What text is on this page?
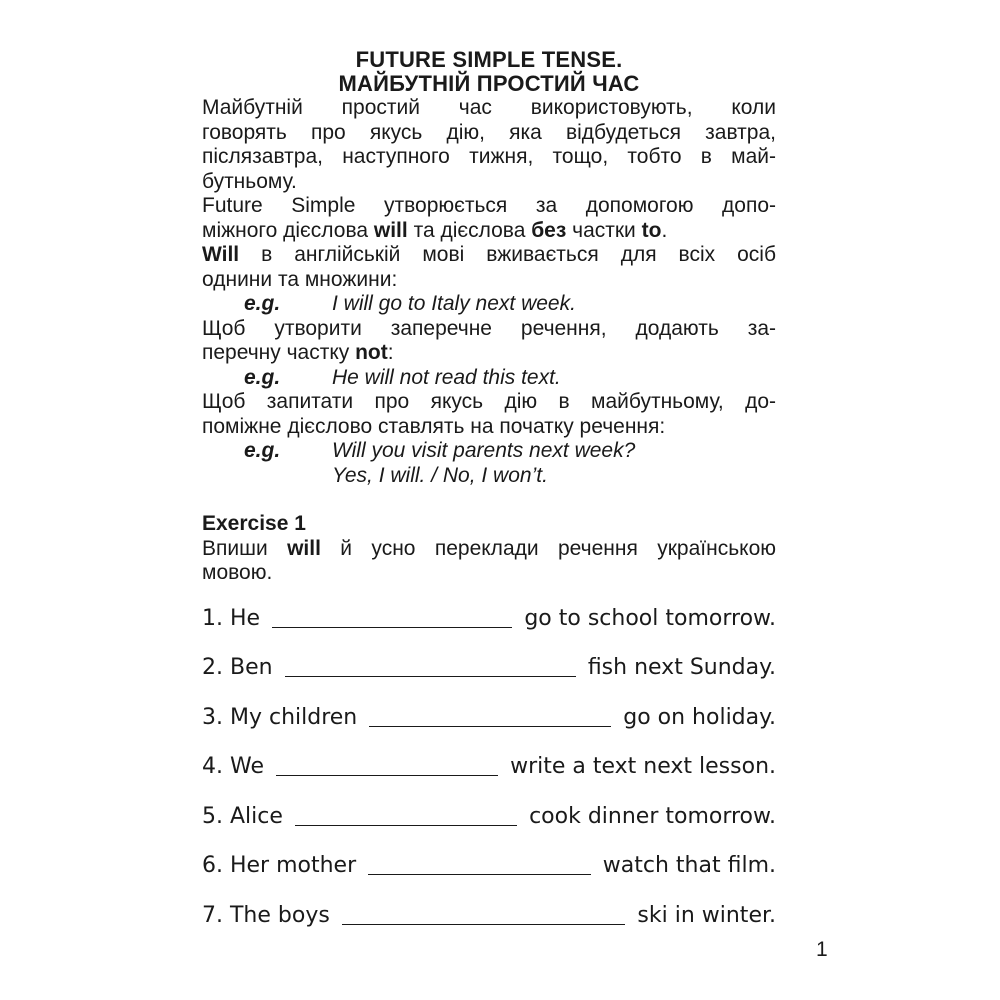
FUTURE SIMPLE TENSE.
МАЙБУТНІЙ ПРОСТИЙ ЧАС

Майбутній простий час використовують, коли
говорять про якусь дію, яка відбудеться завтра,
післязавтра, наступного тижня, тощо, тобто в май-
бутньому.

Future Simple утворюється за допомогою допо-
міжного дієслова will та дієслова без частки to.

Will в англійській мові вживається для всіх осіб
однини та множини:

e.g.	I will go to Italy next week.

Щоб утворити заперечне речення, додають за-
перечну частку not:

e.g.	He will not read this text.

Щоб запитати про якусь дію в майбутньому, до-
поміжне дієслово ставлять на початку речення:

e.g.	Will you visit parents next week?
Yes, I will. / No, I won’t.
Exercise 1

Впиши will й усно переклади речення українською
мовою.

1. He	go to school tomorrow.
2. Ben	fish next Sunday.
3. My children	go on holiday.
4. We	write a text next lesson.
5. Alice	cook dinner tomorrow.
6. Her mother	watch that film.
7. The boys	ski in winter.
1
